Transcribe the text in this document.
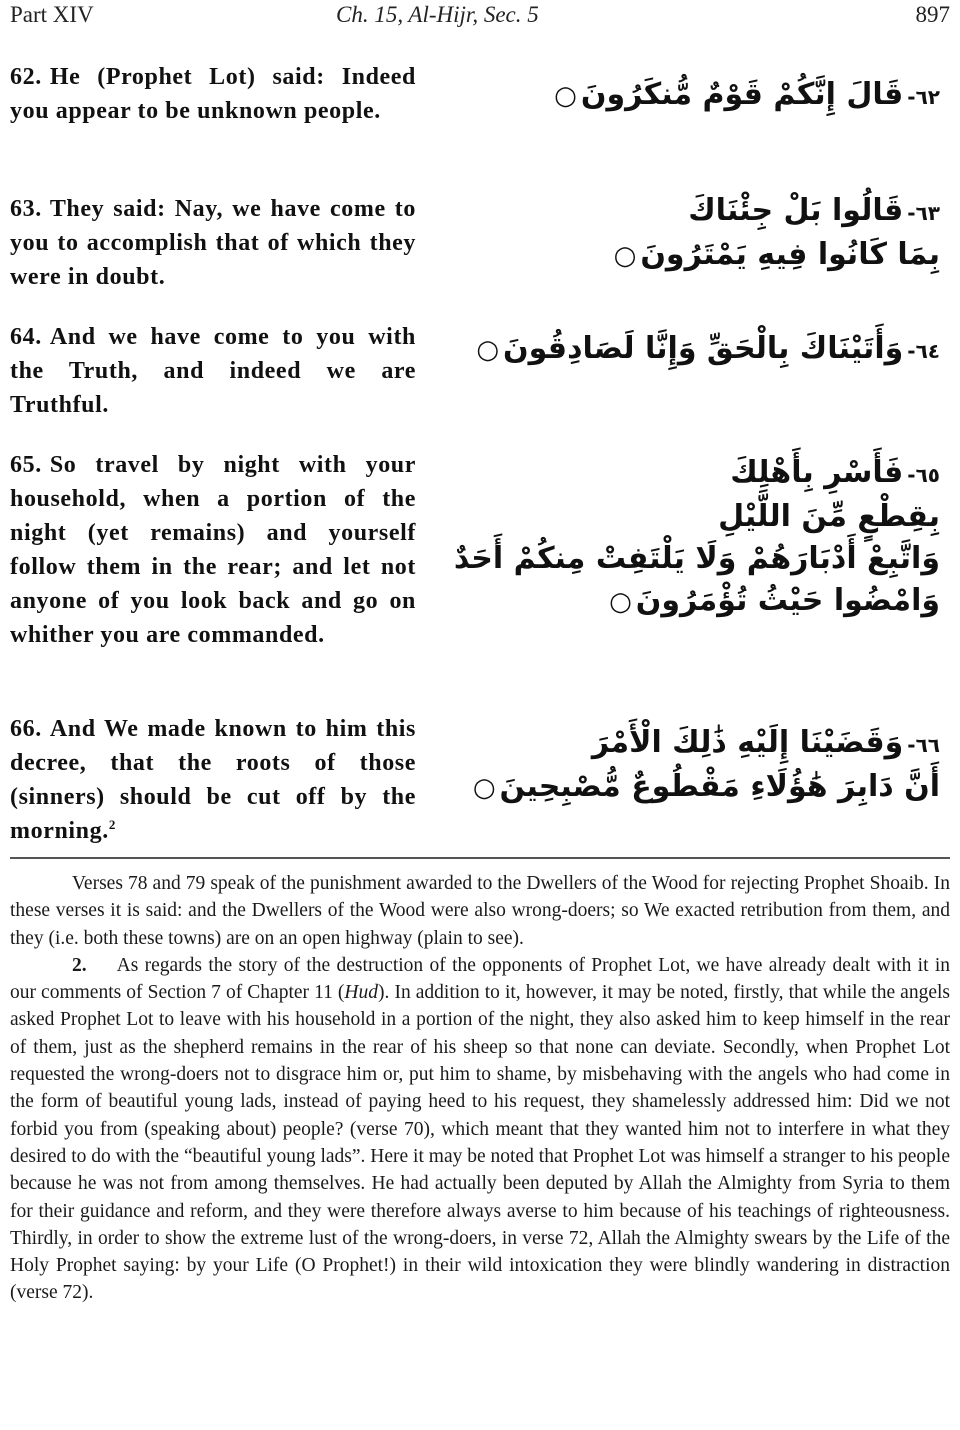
Part XIV	Ch. 15, Al-Hijr, Sec. 5	897
62. He (Prophet Lot) said: Indeed you appear to be unknown people.
٦٢-قَالَ إِنَّكُمْ قَوْمٌ مُّنكَرُونَ○
63. They said: Nay, we have come to you to accomplish that of which they were in doubt.
٦٣-قَالُوا بَلْ جِئْنَاكَ
بِمَا كَانُوا فِيهِ يَمْتَرُونَ○
64. And we have come to you with the Truth, and indeed we are Truthful.
٦٤-وَأَتَيْنَاكَ بِالْحَقِّ وَإِنَّا لَصَادِقُونَ○
65. So travel by night with your household, when a portion of the night (yet remains) and yourself follow them in the rear; and let not anyone of you look back and go on whither you are commanded.
٦٥-فَأَسْرِ بِأَهْلِكَ
بِقِطْعٍ مِّنَ اللَّيْلِ
وَاتَّبِعْ أَدْبَارَهُمْ وَلَا يَلْتَفِتْ مِنكُمْ أَحَدٌ
وَامْضُوا حَيْثُ تُؤْمَرُونَ○
66. And We made known to him this decree, that the roots of those (sinners) should be cut off by the morning.$^2$
٦٦-وَقَضَيْنَا إِلَيْهِ ذَٰلِكَ الْأَمْرَ
أَنَّ دَابِرَ هَٰؤُلَاءِ مَقْطُوعٌ مُّصْبِحِينَ○

Verses 78 and 79 speak of the punishment awarded to the Dwellers of the Wood for rejecting Prophet Shoaib. In these verses it is said: and the Dwellers of the Wood were also wrong-doers; so We exacted retribution from them, and they (i.e. both these towns) are on an open highway (plain to see).

2. As regards the story of the destruction of the opponents of Prophet Lot, we have already dealt with it in our comments of Section 7 of Chapter 11 (Hud). In addition to it, however, it may be noted, firstly, that while the angels asked Prophet Lot to leave with his household in a portion of the night, they also asked him to keep himself in the rear of them, just as the shepherd remains in the rear of his sheep so that none can deviate. Secondly, when Prophet Lot requested the wrong-doers not to disgrace him or, put him to shame, by misbehaving with the angels who had come in the form of beautiful young lads, instead of paying heed to his request, they shamelessly addressed him: Did we not forbid you from (speaking about) people? (verse 70), which meant that they wanted him not to interfere in what they desired to do with the “beautiful young lads”. Here it may be noted that Prophet Lot was himself a stranger to his people because he was not from among themselves. He had actually been deputed by Allah the Almighty from Syria to them for their guidance and reform, and they were therefore always averse to him because of his teachings of righteousness. Thirdly, in order to show the extreme lust of the wrong-doers, in verse 72, Allah the Almighty swears by the Life of the Holy Prophet saying: by your Life (O Prophet!) in their wild intoxication they were blindly wandering in distraction (verse 72).
